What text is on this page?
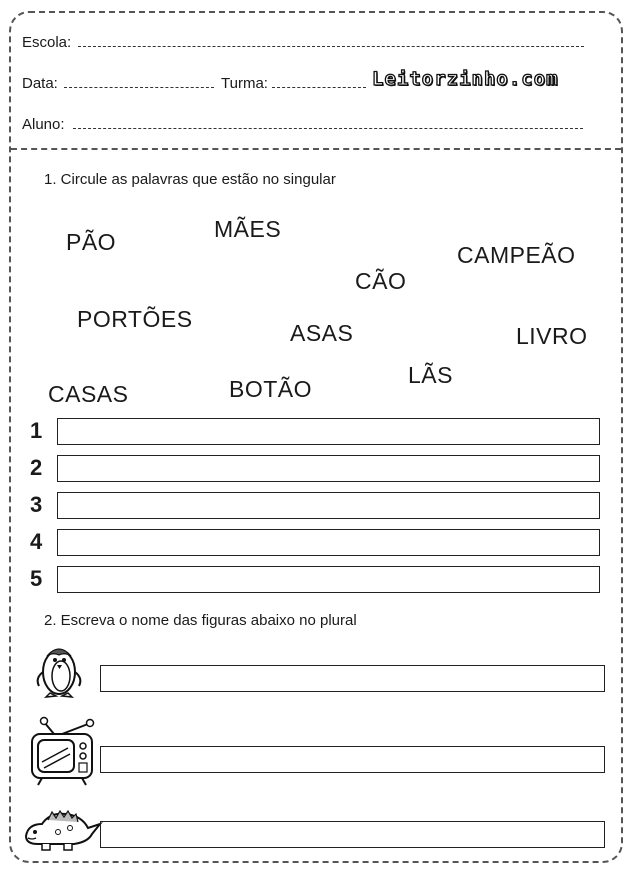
Escola:
Data:	Turma:	Leitorzinho.com
Aluno:
1. Circule as palavras que estão no singular
PÃO	MÃES
CAMPEÃO
CÃO
PORTÕES
ASAS	LIVRO
LÃS
CASAS	BOTÃO
1
2
3
4
5
2. Escreva o nome das figuras abaixo no plural
